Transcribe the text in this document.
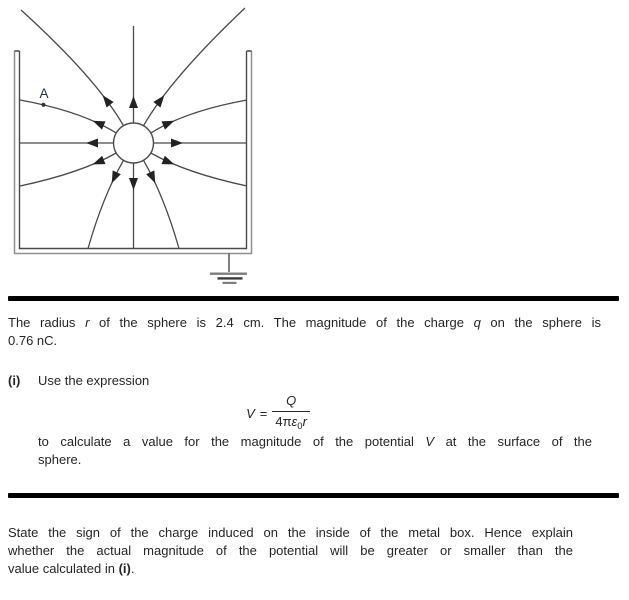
A
The radius r of the sphere is 2.4 cm. The magnitude of the charge q on the sphere is
0.76 nC.
(i) Use the expression
$V = \frac{Q}{4\pi\varepsilon_0r}$
to calculate a value for the magnitude of the potential V at the surface of the
sphere.
State the sign of the charge induced on the inside of the metal box. Hence explain
whether the actual magnitude of the potential will be greater or smaller than the
value calculated in (i).
